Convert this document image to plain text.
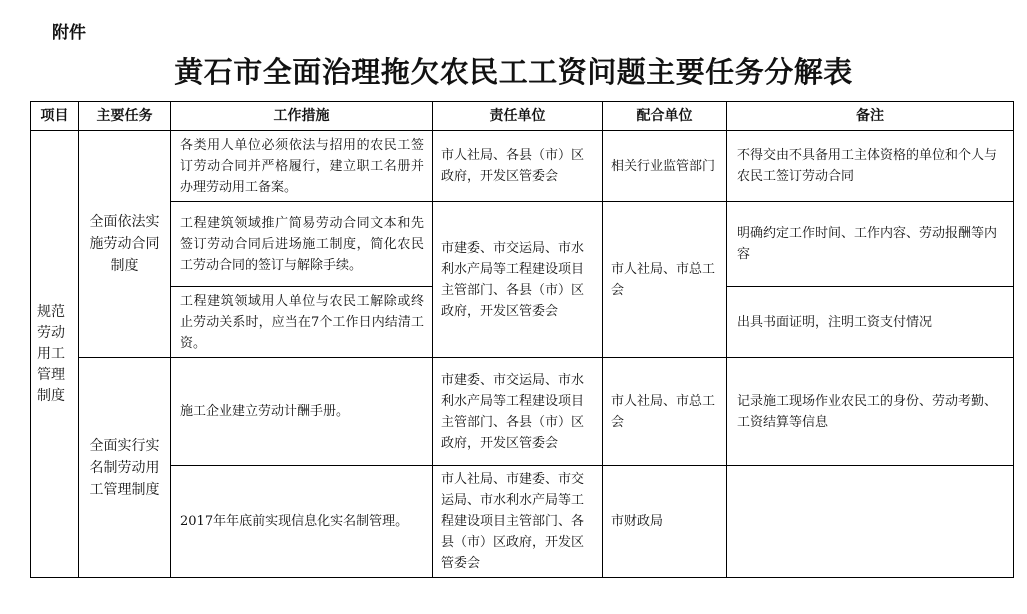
附件

黄石市全面治理拖欠农民工工资问题主要任务分解表
项目	主要任务	工作措施	责任单位	配合单位	备注
规范劳动用工管理制度	全面依法实施劳动合同制度	各类用人单位必须依法与招用的农民工签订劳动合同并严格履行，建立职工名册并办理劳动用工备案。	市人社局、各县（市）区政府，开发区管委会	相关行业监管部门	不得交由不具备用工主体资格的单位和个人与农民工签订劳动合同
		工程建筑领域推广简易劳动合同文本和先签订劳动合同后进场施工制度，简化农民工劳动合同的签订与解除手续。	市建委、市交运局、市水利水产局等工程建设项目主管部门、各县（市）区政府，开发区管委会	市人社局、市总工会	明确约定工作时间、工作内容、劳动报酬等内容
		工程建筑领域用人单位与农民工解除或终止劳动关系时，应当在7个工作日内结清工资。			出具书面证明，注明工资支付情况
	全面实行实名制劳动用工管理制度	施工企业建立劳动计酬手册。	市建委、市交运局、市水利水产局等工程建设项目主管部门、各县（市）区政府，开发区管委会	市人社局、市总工会	记录施工现场作业农民工的身份、劳动考勤、工资结算等信息
		2017年年底前实现信息化实名制管理。	市人社局、市建委、市交运局、市水利水产局等工程建设项目主管部门、各县（市）区政府，开发区管委会	市财政局	
